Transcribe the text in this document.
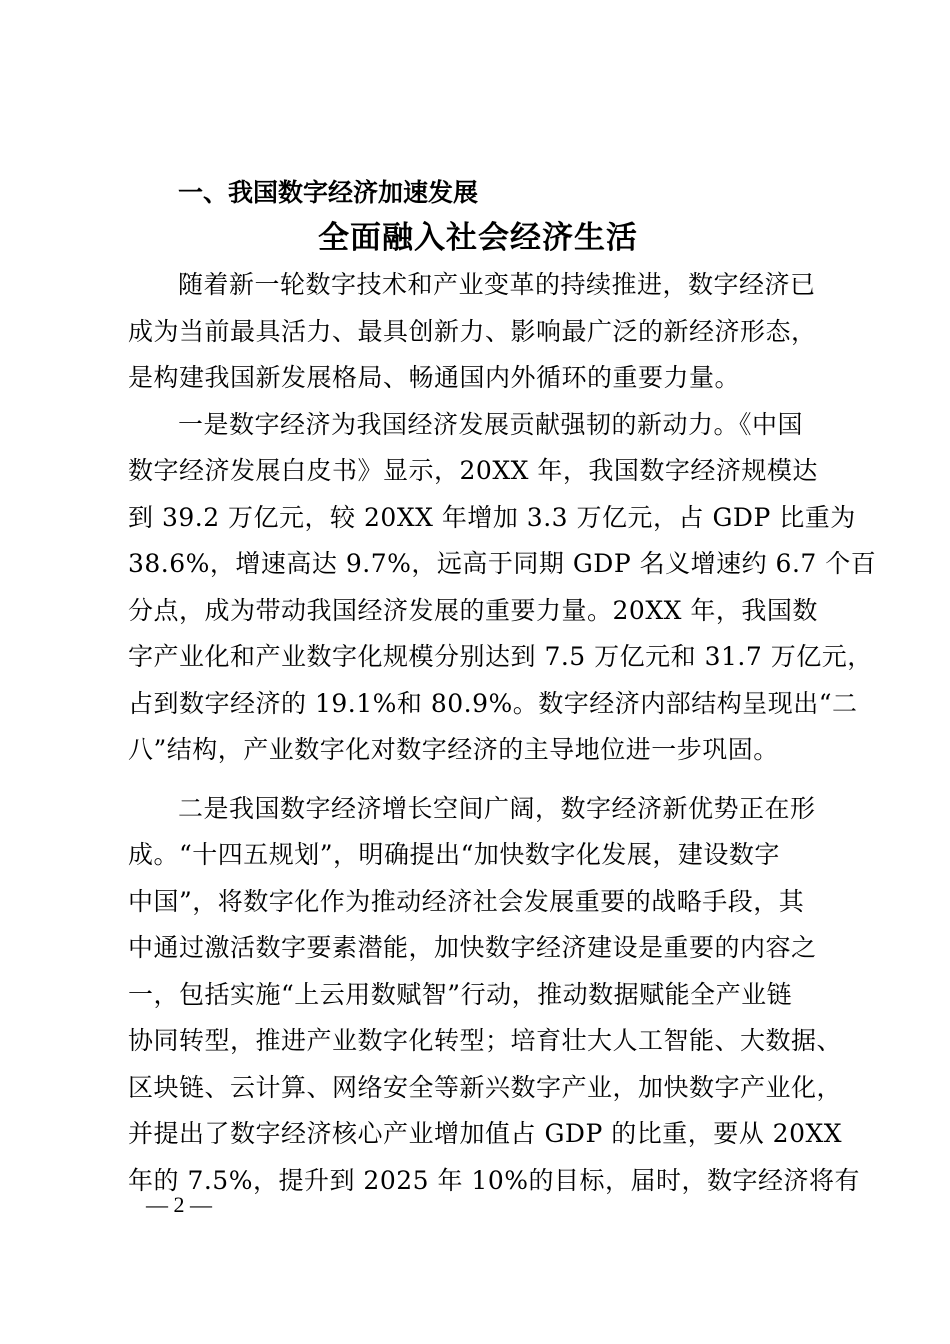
一、我国数字经济加速发展
全面融入社会经济生活
随着新一轮数字技术和产业变革的持续推进，数字经济已
成为当前最具活力、最具创新力、影响最广泛的新经济形态，
是构建我国新发展格局、畅通国内外循环的重要力量。
一是数字经济为我国经济发展贡献强韧的新动力。《中国
数字经济发展白皮书》显示，20XX 年，我国数字经济规模达
到 39.2 万亿元，较 20XX 年增加 3.3 万亿元，占 GDP 比重为
38.6%，增速高达 9.7%，远高于同期 GDP 名义增速约 6.7 个百
分点，成为带动我国经济发展的重要力量。20XX 年，我国数
字产业化和产业数字化规模分别达到 7.5 万亿元和 31.7 万亿元，
占到数字经济的 19.1%和 80.9%。数字经济内部结构呈现出“二
八”结构，产业数字化对数字经济的主导地位进一步巩固。
二是我国数字经济增长空间广阔，数字经济新优势正在形
成。“十四五规划”，明确提出“加快数字化发展，建设数字
中国”，将数字化作为推动经济社会发展重要的战略手段，其
中通过激活数字要素潜能，加快数字经济建设是重要的内容之
一，包括实施“上云用数赋智”行动，推动数据赋能全产业链
协同转型，推进产业数字化转型；培育壮大人工智能、大数据、
区块链、云计算、网络安全等新兴数字产业，加快数字产业化，
并提出了数字经济核心产业增加值占 GDP 的比重，要从 20XX
年的 7.5%，提升到 2025 年 10%的目标，届时，数字经济将有
— 2 —
